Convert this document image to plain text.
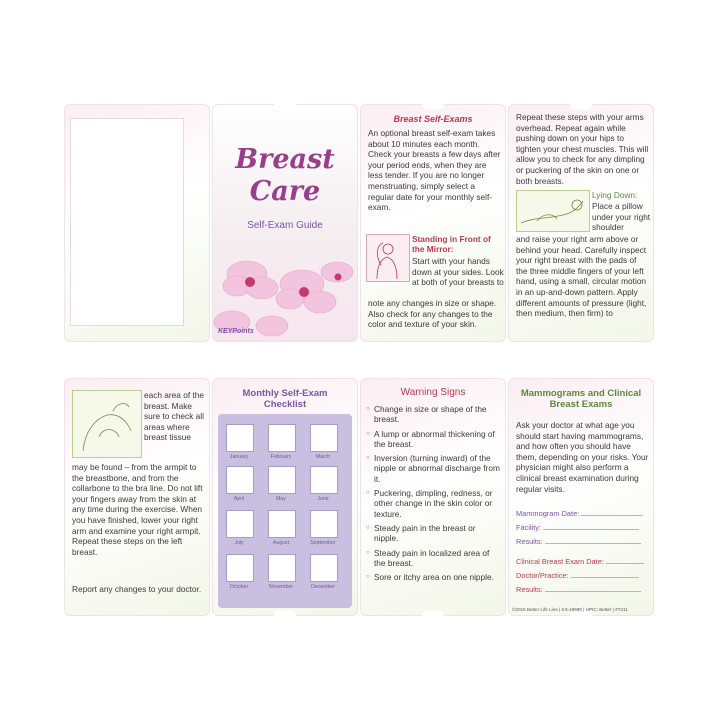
Breast
Care
Self-Exam Guide
KEYPoints
Breast Self-Exams
An optional breast self-exam takes about 10 minutes each month. Check your breasts a few days after your period ends, when they are less tender. If you are no longer menstruating, simply select a regular date for your monthly self-exam.
Standing in Front of the Mirror:
Start with your hands down at your sides. Look at both of your breasts to
note any changes in size or shape. Also check for any changes to the color and texture of your skin.
Repeat these steps with your arms overhead. Repeat again while pushing down on your hips to tighten your chest muscles. This will allow you to check for any dimpling or puckering of the skin on one or both breasts.
Lying Down:
Place a pillow under your right shoulder
and raise your right arm above or behind your head. Carefully inspect your right breast with the pads of the three middle fingers of your left hand, using a small, circular motion in an up-and-down pattern. Apply different amounts of pressure (light, then medium, then firm) to
each area of the breast. Make sure to check all areas where breast tissue
may be found – from the armpit to the breastbone, and from the collarbone to the bra line. Do not lift your fingers away from the skin at any time during the exercise. When you have finished, lower your right arm and examine your right armpit. Repeat these steps on the left breast.
Report any changes to your doctor.
Monthly Self-Exam Checklist
January	February	March
April	May	June
July	August	September
October	November	December
Warning Signs
○ Change in size or shape of the breast.
○ A lump or abnormal thickening of the breast.
○ Inversion (turning inward) of the nipple or abnormal discharge from it.
○ Puckering, dimpling, redness, or other change in the skin color or texture.
○ Steady pain in the breast or nipple.
○ Steady pain in localized area of the breast.
○ Sore or itchy area on one nipple.
Mammograms and Clinical Breast Exams
Ask your doctor at what age you should start having mammograms, and how often you should have them, depending on your risks. Your physician might also perform a clinical breast examination during regular visits.
Mammogram Date:
Facility:
Results:
Clinical Breast Exam Date:
Doctor/Practice:
Results:
©2016 Better Life Line | KS-49580 | UPIC: Better | #7211
